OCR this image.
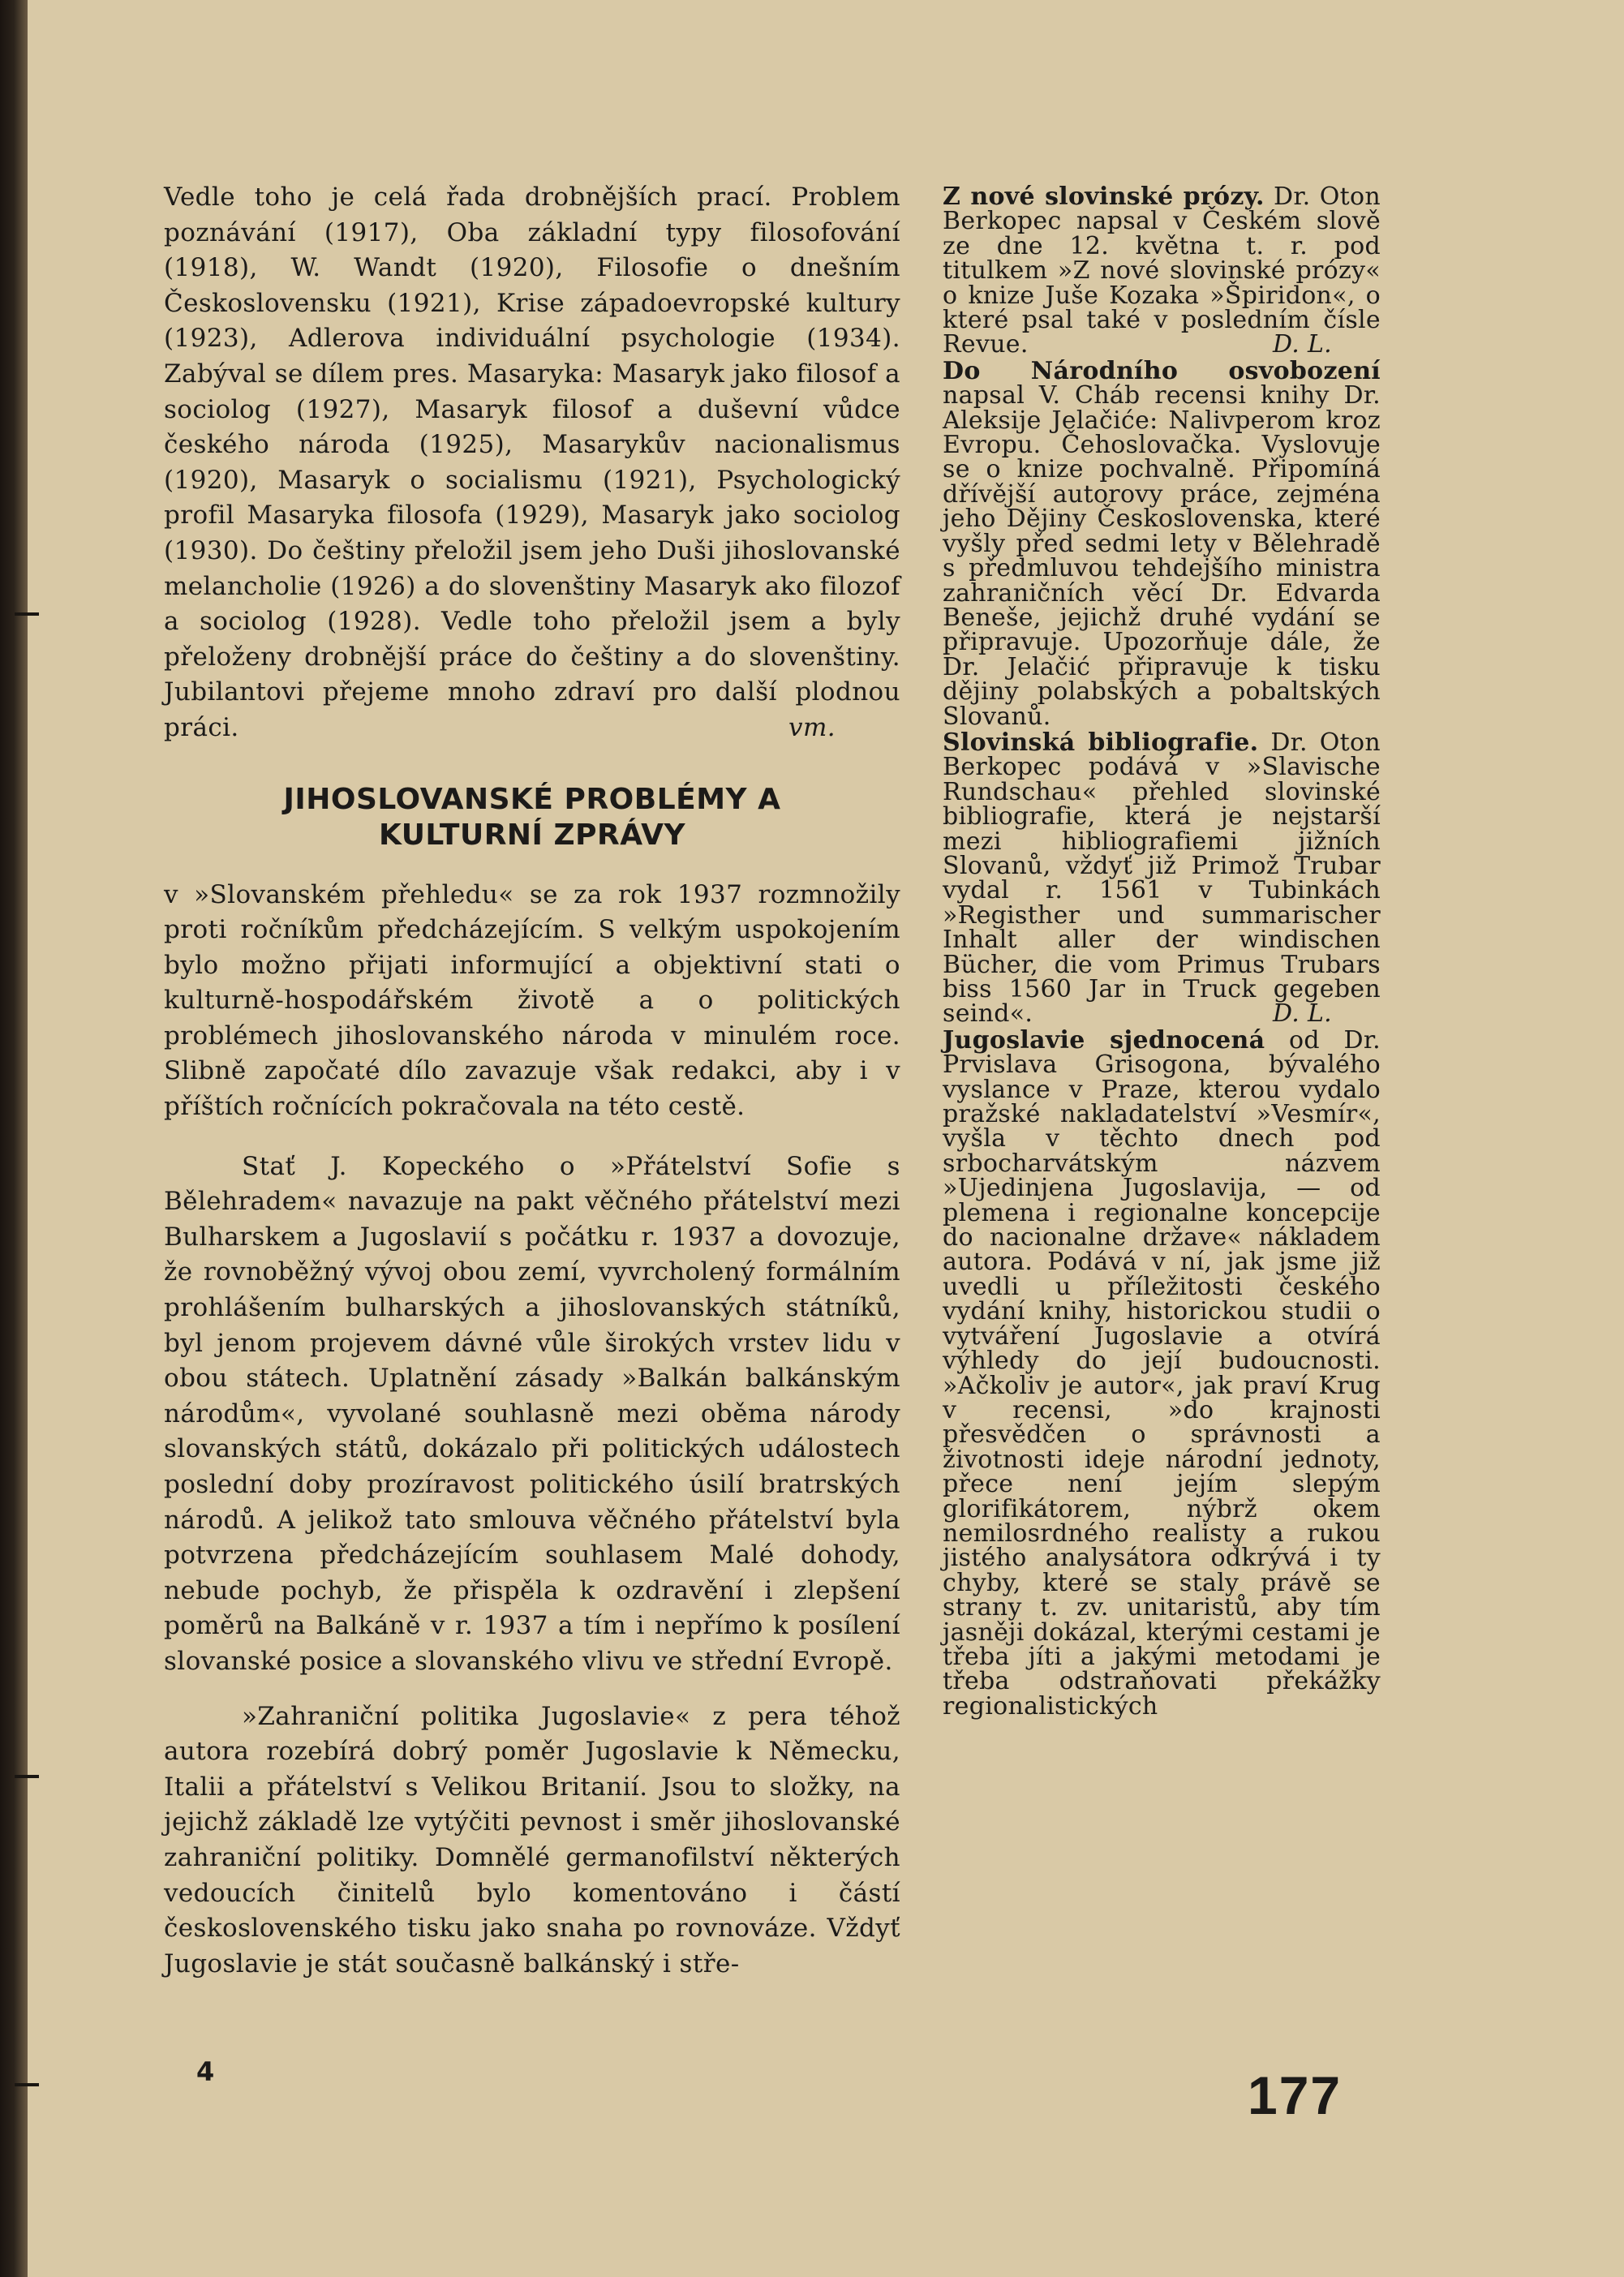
Vedle toho je celá řada drobnějších prací. Problem poznávání (1917), Oba základní typy filosofování (1918), W. Wandt (1920), Filosofie o dnešním Československu (1921), Krise západoevropské kultury (1923), Adlerova individuální psychologie (1934). Zabýval se dílem pres. Masaryka: Masaryk jako filosof a sociolog (1927), Masaryk filosof a duševní vůdce českého národa (1925), Masarykův nacionalismus (1920), Masaryk o socialismu (1921), Psychologický profil Masaryka filosofa (1929), Masaryk jako sociolog (1930). Do češtiny přeložil jsem jeho Duši jihoslovanské melancholie (1926) a do slovenštiny Masaryk ako filozof a sociolog (1928). Vedle toho přeložil jsem a byly přeloženy drobnější práce do češtiny a do slovenštiny. Jubilantovi přejeme mnoho zdraví pro další plodnou práci.	vm.

JIHOSLOVANSKÉ PROBLÉMY A KULTURNÍ ZPRÁVY

v »Slovanském přehledu« se za rok 1937 rozmnožily proti ročníkům předcházejícím. S velkým uspokojením bylo možno přijati informující a objektivní stati o kulturně-hospodářském životě a o politických problémech jihoslovanského národa v minulém roce. Slibně započaté dílo zavazuje však redakci, aby i v příštích ročnících pokračovala na této cestě.

Stať J. Kopeckého o »Přátelství Sofie s Bělehradem« navazuje na pakt věčného přátelství mezi Bulharskem a Jugoslavií s počátku r. 1937 a dovozuje, že rovnoběžný vývoj obou zemí, vyvrcholený formálním prohlášením bulharských a jihoslovanských státníků, byl jenom projevem dávné vůle širokých vrstev lidu v obou státech. Uplatnění zásady »Balkán balkánským národům«, vyvolané souhlasně mezi oběma národy slovanských států, dokázalo při politických událostech poslední doby prozíravost politického úsilí bratrských národů. A jelikož tato smlouva věčného přátelství byla potvrzena předcházejícím souhlasem Malé dohody, nebude pochyb, že přispěla k ozdravění i zlepšení poměrů na Balkáně v r. 1937 a tím i nepřímo k posílení slovanské posice a slovanského vlivu ve střední Evropě.

»Zahraniční politika Jugoslavie« z pera téhož autora rozebírá dobrý poměr Jugoslavie k Německu, Italii a přátelství s Velikou Britanií. Jsou to složky, na jejichž základě lze vytýčiti pevnost i směr jihoslovanské zahraniční politiky. Domnělé germanofilství některých vedoucích činitelů bylo komentováno i částí československého tisku jako snaha po rovnováze. Vždyť Jugoslavie je stát současně balkánský i stře-

Z nové slovinské prózy. Dr. Oton Berkopec napsal v Českém slově ze dne 12. května t. r. pod titulkem »Z nové slovinské prózy« o knize Juše Kozaka »Špiridon«, o které psal také v posledním čísle Revue.	D. L.

Do Národního osvobození napsal V. Cháb recensi knihy Dr. Aleksije Jelačiće: Nalivperom kroz Evropu. Čehoslovačka. Vyslovuje se o knize pochvalně. Připomíná dřívější autorovy práce, zejména jeho Dějiny Československa, které vyšly před sedmi lety v Bělehradě s předmluvou tehdejšího ministra zahraničních věcí Dr. Edvarda Beneše, jejichž druhé vydání se připravuje. Upozorňuje dále, že Dr. Jelačić připravuje k tisku dějiny polabských a pobaltských Slovanů.

Slovinská bibliografie. Dr. Oton Berkopec podává v »Slavische Rundschau« přehled slovinské bibliografie, která je nejstarší mezi hibliografiemi jižních Slovanů, vždyť již Primož Trubar vydal r. 1561 v Tubinkách »Registher und summarischer Inhalt aller der windischen Bücher, die vom Primus Trubars biss 1560 Jar in Truck gegeben seind«.	D. L.

Jugoslavie sjednocená od Dr. Prvislava Grisogona, bývalého vyslance v Praze, kterou vydalo pražské nakladatelství »Vesmír«, vyšla v těchto dnech pod srbocharvátským názvem »Ujedinjena Jugoslavija, — od plemena i regionalne koncepcije do nacionalne države« nákladem autora. Podává v ní, jak jsme již uvedli u příležitosti českého vydání knihy, historickou studii o vytváření Jugoslavie a otvírá výhledy do její budoucnosti. »Ačkoliv je autor«, jak praví Krug v recensi, »do krajnosti přesvědčen o správnosti a životnosti ideje národní jednoty, přece není jejím slepým glorifikátorem, nýbrž okem nemilosrdného realisty a rukou jistého analysátora odkrývá i ty chyby, které se staly právě se strany t. zv. unitaristů, aby tím jasněji dokázal, kterými cestami je třeba jíti a jakými metodami je třeba odstraňovati překážky regionalistických

4	177
